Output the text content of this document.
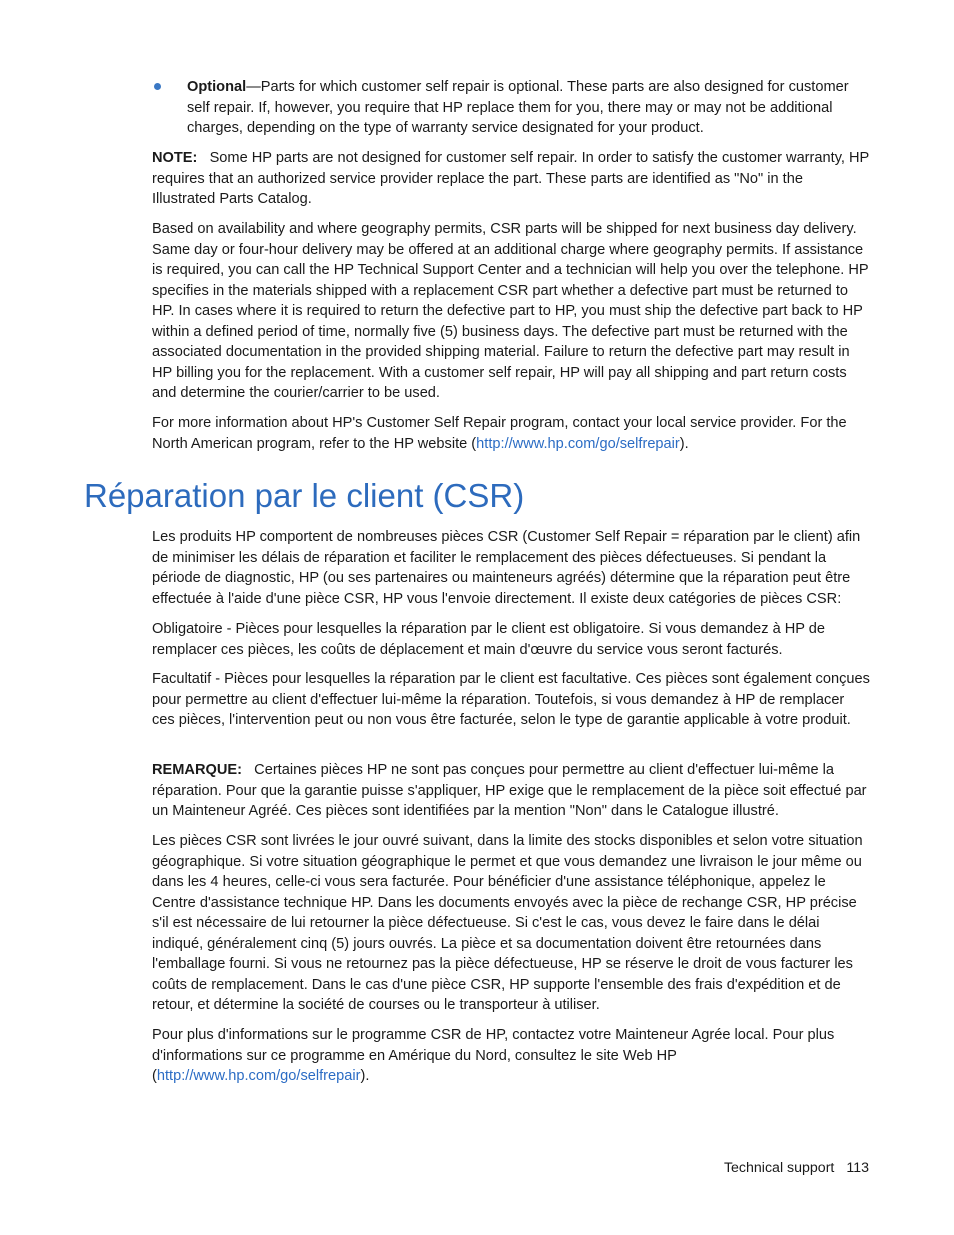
Optional—Parts for which customer self repair is optional. These parts are also designed for customer self repair. If, however, you require that HP replace them for you, there may or may not be additional charges, depending on the type of warranty service designated for your product.

NOTE: Some HP parts are not designed for customer self repair. In order to satisfy the customer warranty, HP requires that an authorized service provider replace the part. These parts are identified as "No" in the Illustrated Parts Catalog.

Based on availability and where geography permits, CSR parts will be shipped for next business day delivery. Same day or four-hour delivery may be offered at an additional charge where geography permits. If assistance is required, you can call the HP Technical Support Center and a technician will help you over the telephone. HP specifies in the materials shipped with a replacement CSR part whether a defective part must be returned to HP. In cases where it is required to return the defective part to HP, you must ship the defective part back to HP within a defined period of time, normally five (5) business days. The defective part must be returned with the associated documentation in the provided shipping material. Failure to return the defective part may result in HP billing you for the replacement. With a customer self repair, HP will pay all shipping and part return costs and determine the courier/carrier to be used.

For more information about HP's Customer Self Repair program, contact your local service provider. For the North American program, refer to the HP website (http://www.hp.com/go/selfrepair).

Réparation par le client (CSR)

Les produits HP comportent de nombreuses pièces CSR (Customer Self Repair = réparation par le client) afin de minimiser les délais de réparation et faciliter le remplacement des pièces défectueuses. Si pendant la période de diagnostic, HP (ou ses partenaires ou mainteneurs agréés) détermine que la réparation peut être effectuée à l'aide d'une pièce CSR, HP vous l'envoie directement. Il existe deux catégories de pièces CSR:

Obligatoire - Pièces pour lesquelles la réparation par le client est obligatoire. Si vous demandez à HP de remplacer ces pièces, les coûts de déplacement et main d'œuvre du service vous seront facturés.

Facultatif - Pièces pour lesquelles la réparation par le client est facultative. Ces pièces sont également conçues pour permettre au client d'effectuer lui-même la réparation. Toutefois, si vous demandez à HP de remplacer ces pièces, l'intervention peut ou non vous être facturée, selon le type de garantie applicable à votre produit.

REMARQUE: Certaines pièces HP ne sont pas conçues pour permettre au client d'effectuer lui-même la réparation. Pour que la garantie puisse s'appliquer, HP exige que le remplacement de la pièce soit effectué par un Mainteneur Agréé. Ces pièces sont identifiées par la mention "Non" dans le Catalogue illustré.

Les pièces CSR sont livrées le jour ouvré suivant, dans la limite des stocks disponibles et selon votre situation géographique. Si votre situation géographique le permet et que vous demandez une livraison le jour même ou dans les 4 heures, celle-ci vous sera facturée. Pour bénéficier d'une assistance téléphonique, appelez le Centre d'assistance technique HP. Dans les documents envoyés avec la pièce de rechange CSR, HP précise s'il est nécessaire de lui retourner la pièce défectueuse. Si c'est le cas, vous devez le faire dans le délai indiqué, généralement cinq (5) jours ouvrés. La pièce et sa documentation doivent être retournées dans l'emballage fourni. Si vous ne retournez pas la pièce défectueuse, HP se réserve le droit de vous facturer les coûts de remplacement. Dans le cas d'une pièce CSR, HP supporte l'ensemble des frais d'expédition et de retour, et détermine la société de courses ou le transporteur à utiliser.

Pour plus d'informations sur le programme CSR de HP, contactez votre Mainteneur Agrée local. Pour plus d'informations sur ce programme en Amérique du Nord, consultez le site Web HP (http://www.hp.com/go/selfrepair).

Technical support 113
